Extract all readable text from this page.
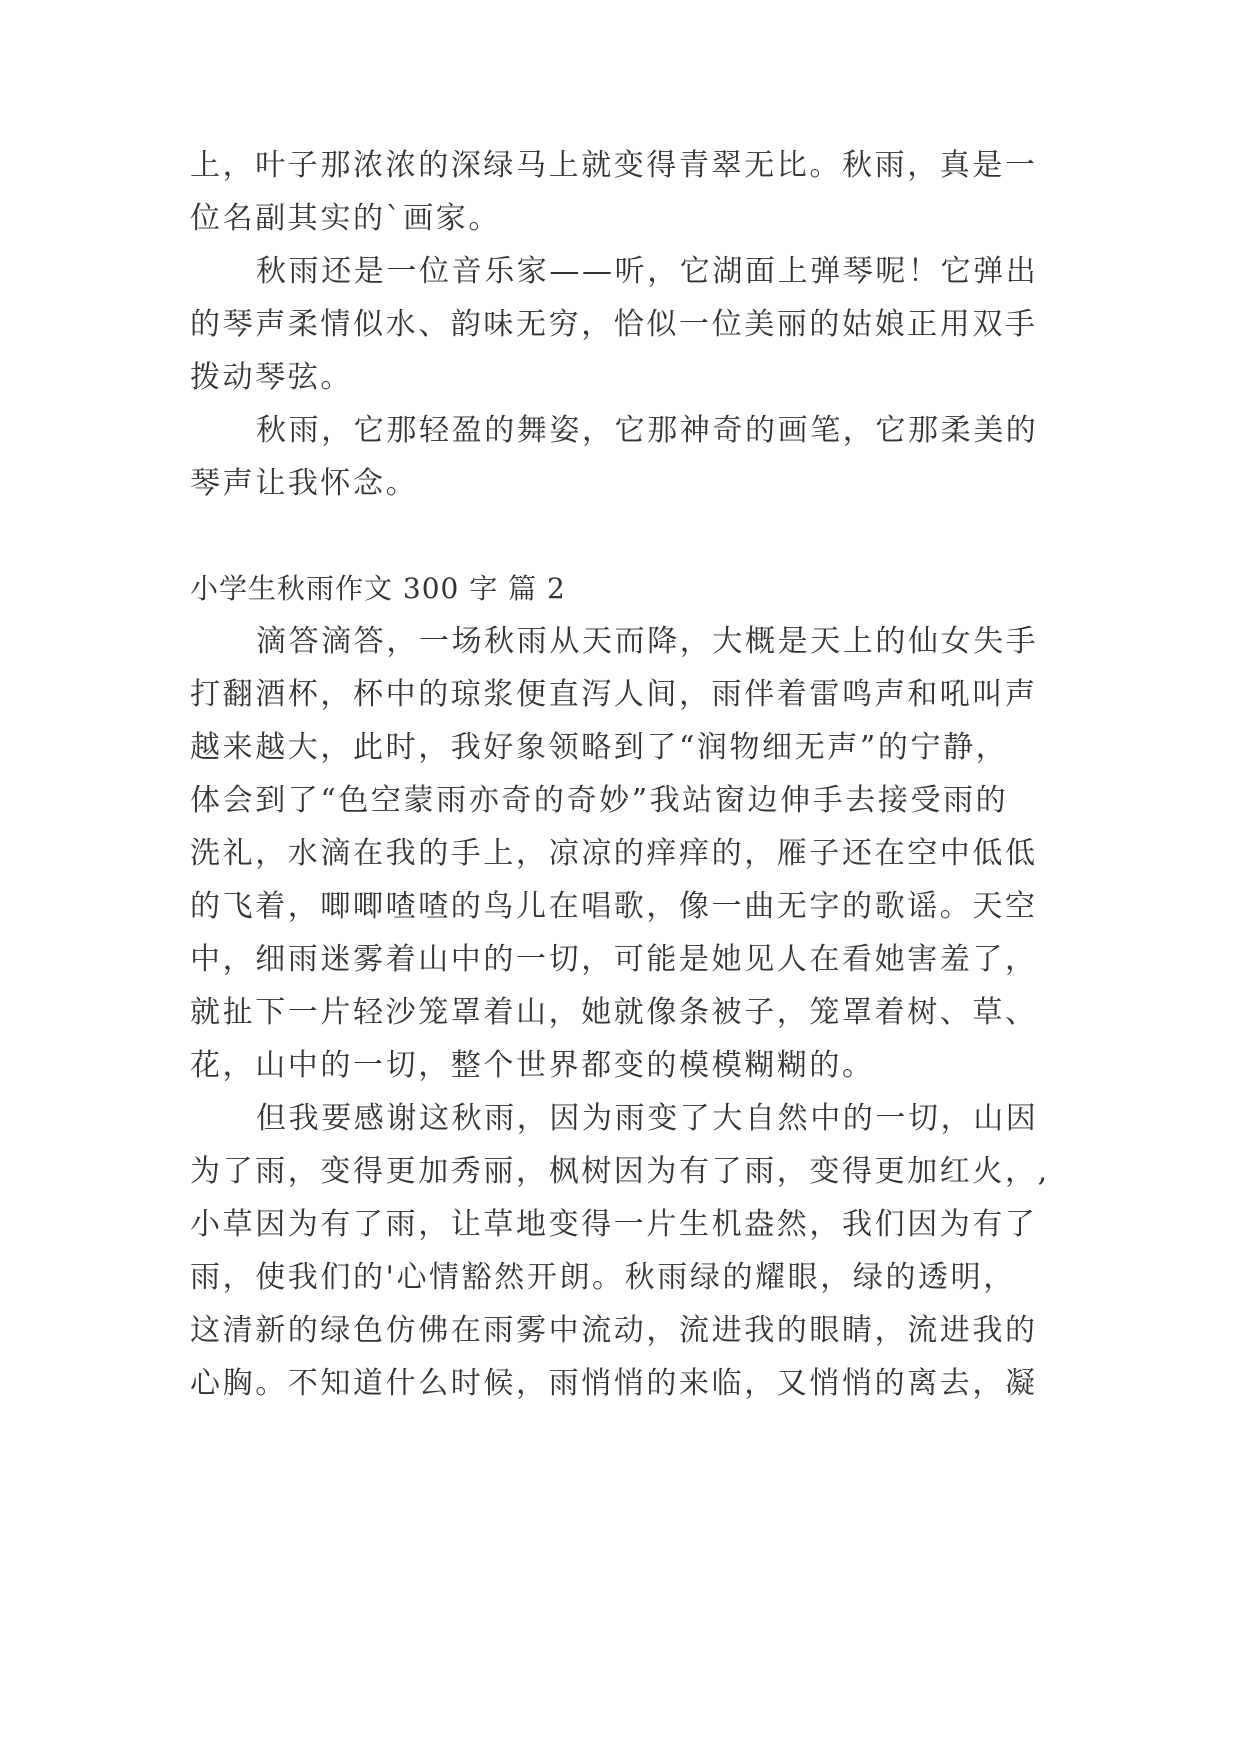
上，叶子那浓浓的深绿马上就变得青翠无比。秋雨，真是一
位名副其实的`画家。
秋雨还是一位音乐家——听，它湖面上弹琴呢！它弹出
的琴声柔情似水、韵味无穷，恰似一位美丽的姑娘正用双手
拨动琴弦。
秋雨，它那轻盈的舞姿，它那神奇的画笔，它那柔美的
琴声让我怀念。
小学生秋雨作文 300 字 篇 2
滴答滴答，一场秋雨从天而降，大概是天上的仙女失手
打翻酒杯，杯中的琼浆便直泻人间，雨伴着雷鸣声和吼叫声
越来越大，此时，我好象领略到了“润物细无声”的宁静，
体会到了“色空蒙雨亦奇的奇妙”我站窗边伸手去接受雨的
洗礼，水滴在我的手上，凉凉的痒痒的，雁子还在空中低低
的飞着，唧唧喳喳的鸟儿在唱歌，像一曲无字的歌谣。天空
中，细雨迷雾着山中的一切，可能是她见人在看她害羞了，
就扯下一片轻沙笼罩着山，她就像条被子，笼罩着树、草、
花，山中的一切，整个世界都变的模模糊糊的。
但我要感谢这秋雨，因为雨变了大自然中的一切，山因
为了雨，变得更加秀丽，枫树因为有了雨，变得更加红火，,
小草因为有了雨，让草地变得一片生机盎然，我们因为有了
雨，使我们的'心情豁然开朗。秋雨绿的耀眼，绿的透明，
这清新的绿色仿佛在雨雾中流动，流进我的眼睛，流进我的
心胸。不知道什么时候，雨悄悄的来临，又悄悄的离去，凝
